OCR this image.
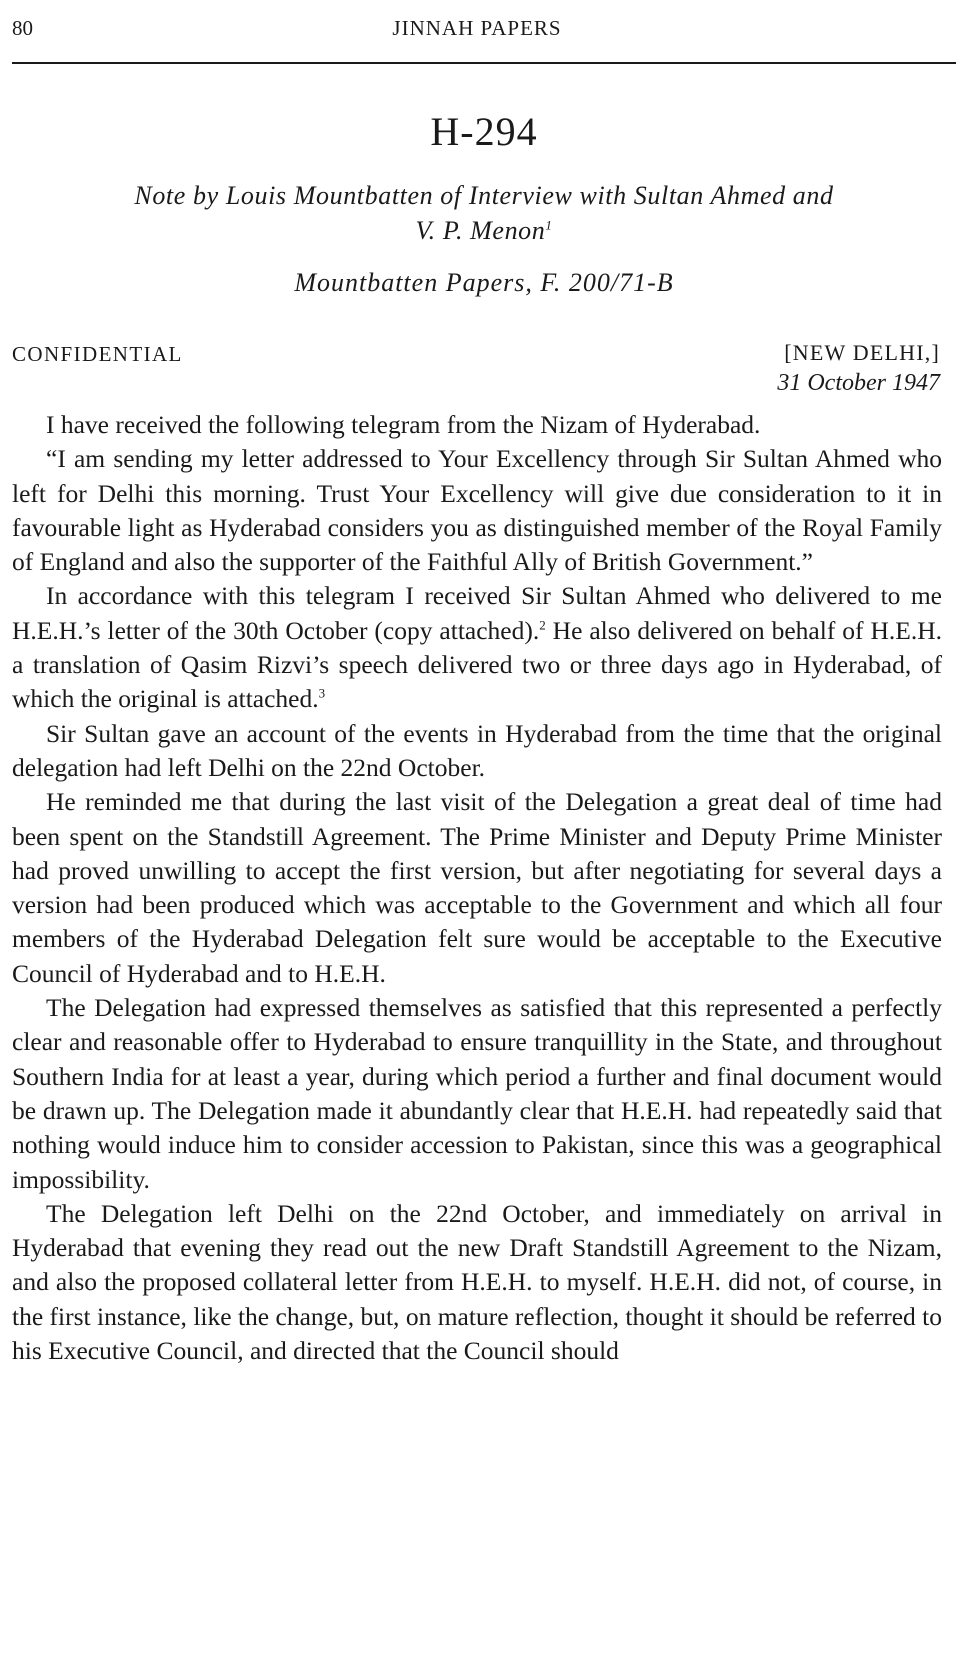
80	JINNAH PAPERS
H-294
Note by Louis Mountbatten of Interview with Sultan Ahmed and
V. P. Menon$^1$
Mountbatten Papers, F. 200/71-B
CONFIDENTIAL	[NEW DELHI,]
31 October 1947

I have received the following telegram from the Nizam of Hyderabad.

“I am sending my letter addressed to Your Excellency through Sir Sultan Ahmed who left for Delhi this morning. Trust Your Excellency will give due consideration to it in favourable light as Hyderabad considers you as distinguished member of the Royal Family of England and also the supporter of the Faithful Ally of British Government.”

In accordance with this telegram I received Sir Sultan Ahmed who delivered to me H.E.H.’s letter of the 30th October (copy attached).$^2$ He also delivered on behalf of H.E.H. a translation of Qasim Rizvi’s speech delivered two or three days ago in Hyderabad, of which the original is attached.$^3$

Sir Sultan gave an account of the events in Hyderabad from the time that the original delegation had left Delhi on the 22nd October.

He reminded me that during the last visit of the Delegation a great deal of time had been spent on the Standstill Agreement. The Prime Minister and Deputy Prime Minister had proved unwilling to accept the first version, but after negotiating for several days a version had been produced which was acceptable to the Government and which all four members of the Hyderabad Delegation felt sure would be acceptable to the Executive Council of Hyderabad and to H.E.H.

The Delegation had expressed themselves as satisfied that this represented a perfectly clear and reasonable offer to Hyderabad to ensure tranquillity in the State, and throughout Southern India for at least a year, during which period a further and final document would be drawn up. The Delegation made it abundantly clear that H.E.H. had repeatedly said that nothing would induce him to consider accession to Pakistan, since this was a geographical impossibility.

The Delegation left Delhi on the 22nd October, and immediately on arrival in Hyderabad that evening they read out the new Draft Standstill Agreement to the Nizam, and also the proposed collateral letter from H.E.H. to myself. H.E.H. did not, of course, in the first instance, like the change, but, on mature reflection, thought it should be referred to his Executive Council, and directed that the Council should
